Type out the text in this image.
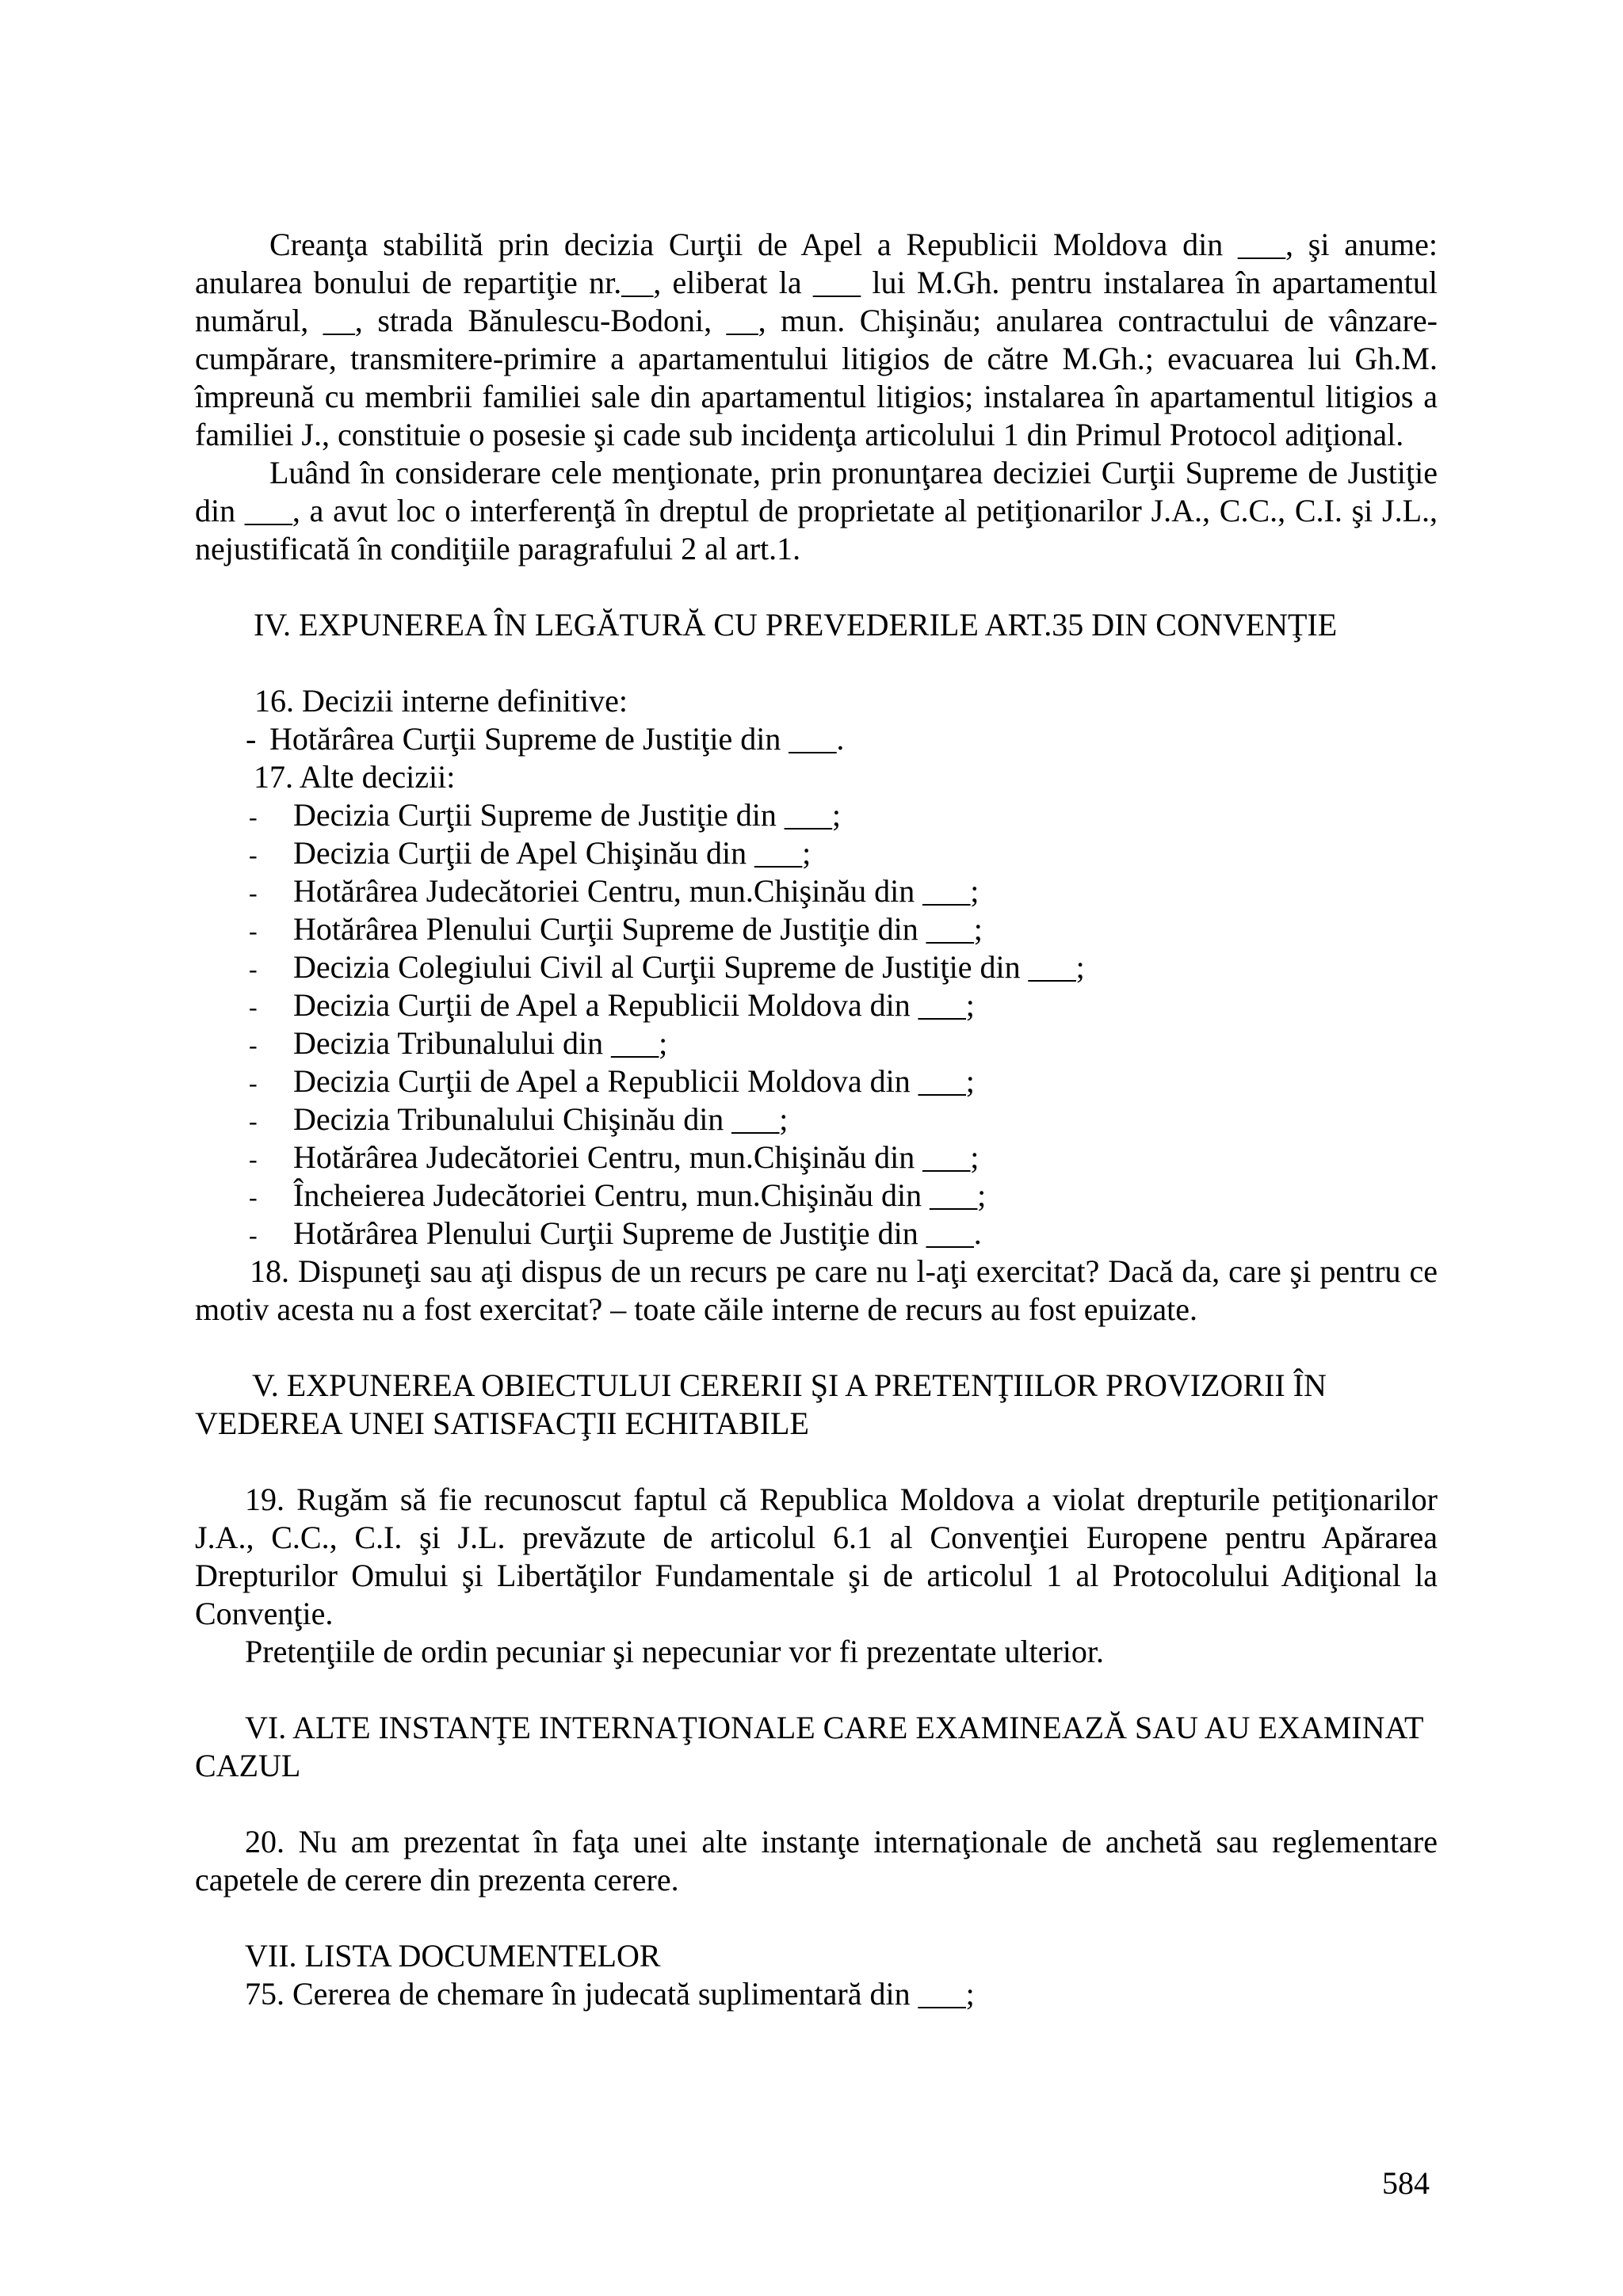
Creanţa stabilită prin decizia Curţii de Apel a Republicii Moldova din ___, şi anume: anularea bonului de repartiţie nr.__, eliberat la ___ lui M.Gh. pentru instalarea în apartamentul numărul, __, strada Bănulescu-Bodoni, __, mun. Chişinău; anularea contractului de vânzare-cumpărare, transmitere-primire a apartamentului litigios de către M.Gh.; evacuarea lui Gh.M. împreună cu membrii familiei sale din apartamentul litigios; instalarea în apartamentul litigios a familiei J., constituie o posesie şi cade sub incidenţa articolului 1 din Primul Protocol adiţional.

Luând în considerare cele menţionate, prin pronunţarea deciziei Curţii Supreme de Justiţie din ___, a avut loc o interferenţă în dreptul de proprietate al petiţionarilor J.A., C.C., C.I. şi J.L., nejustificată în condiţiile paragrafului 2 al art.1.

IV. EXPUNEREA ÎN LEGĂTURĂ CU PREVEDERILE ART.35 DIN CONVENŢIE

16. Decizii interne definitive:

- Hotărârea Curţii Supreme de Justiţie din ___.

17. Alte decizii:

-	Decizia Curţii Supreme de Justiţie din ___;
-	Decizia Curţii de Apel Chişinău din ___;
-	Hotărârea Judecătoriei Centru, mun.Chişinău din ___;
-	Hotărârea Plenului Curţii Supreme de Justiţie din ___;
-	Decizia Colegiului Civil al Curţii Supreme de Justiţie din ___;
-	Decizia Curţii de Apel a Republicii Moldova din ___;
-	Decizia Tribunalului din ___;
-	Decizia Curţii de Apel a Republicii Moldova din ___;
-	Decizia Tribunalului Chişinău din ___;
-	Hotărârea Judecătoriei Centru, mun.Chişinău din ___;
-	Încheierea Judecătoriei Centru, mun.Chişinău din ___;
-	Hotărârea Plenului Curţii Supreme de Justiţie din ___.

18. Dispuneţi sau aţi dispus de un recurs pe care nu l-aţi exercitat? Dacă da, care şi pentru ce motiv acesta nu a fost exercitat? – toate căile interne de recurs au fost epuizate.

V. EXPUNEREA OBIECTULUI CERERII ŞI A PRETENŢIILOR PROVIZORII ÎN VEDEREA UNEI SATISFACŢII ECHITABILE

19. Rugăm să fie recunoscut faptul că Republica Moldova a violat drepturile petiţionarilor J.A., C.C., C.I. şi J.L. prevăzute de articolul 6.1 al Convenţiei Europene pentru Apărarea Drepturilor Omului şi Libertăţilor Fundamentale şi de articolul 1 al Protocolului Adiţional la Convenţie.

Pretenţiile de ordin pecuniar şi nepecuniar vor fi prezentate ulterior.

VI. ALTE INSTANŢE INTERNAŢIONALE CARE EXAMINEAZĂ SAU AU EXAMINAT CAZUL

20. Nu am prezentat în faţa unei alte instanţe internaţionale de anchetă sau reglementare capetele de cerere din prezenta cerere.

VII. LISTA DOCUMENTELOR

75. Cererea de chemare în judecată suplimentară din ___;

584
